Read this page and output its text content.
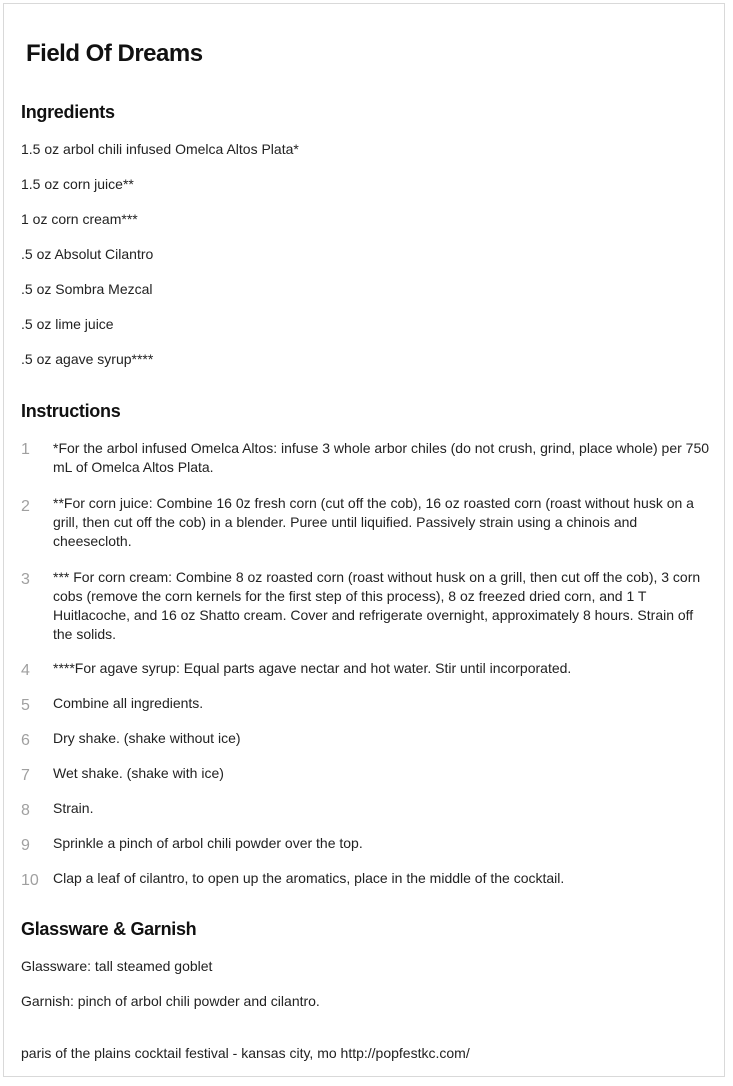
Field Of Dreams
Ingredients

1.5 oz arbol chili infused Omelca Altos Plata*

1.5 oz corn juice**

1 oz corn cream***

.5 oz Absolut Cilantro

.5 oz Sombra Mezcal

.5 oz lime juice

.5 oz agave syrup****

Instructions
1	*For the arbol infused Omelca Altos: infuse 3 whole arbor chiles (do not crush, grind, place whole) per 750 mL of Omelca Altos Plata.
2	**For corn juice: Combine 16 0z fresh corn (cut off the cob), 16 oz roasted corn (roast without husk on a grill, then cut off the cob) in a blender. Puree until liquified. Passively strain using a chinois and cheesecloth.
3	*** For corn cream: Combine 8 oz roasted corn (roast without husk on a grill, then cut off the cob), 3 corn cobs (remove the corn kernels for the first step of this process), 8 oz freezed dried corn, and 1 T Huitlacoche, and 16 oz Shatto cream. Cover and refrigerate overnight, approximately 8 hours. Strain off the solids.
4	****For agave syrup: Equal parts agave nectar and hot water. Stir until incorporated.
5	Combine all ingredients.
6	Dry shake. (shake without ice)
7	Wet shake. (shake with ice)
8	Strain.
9	Sprinkle a pinch of arbol chili powder over the top.
10	Clap a leaf of cilantro, to open up the aromatics, place in the middle of the cocktail.
Glassware & Garnish

Glassware: tall steamed goblet

Garnish: pinch of arbol chili powder and cilantro.

paris of the plains cocktail festival - kansas city, mo http://popfestkc.com/
